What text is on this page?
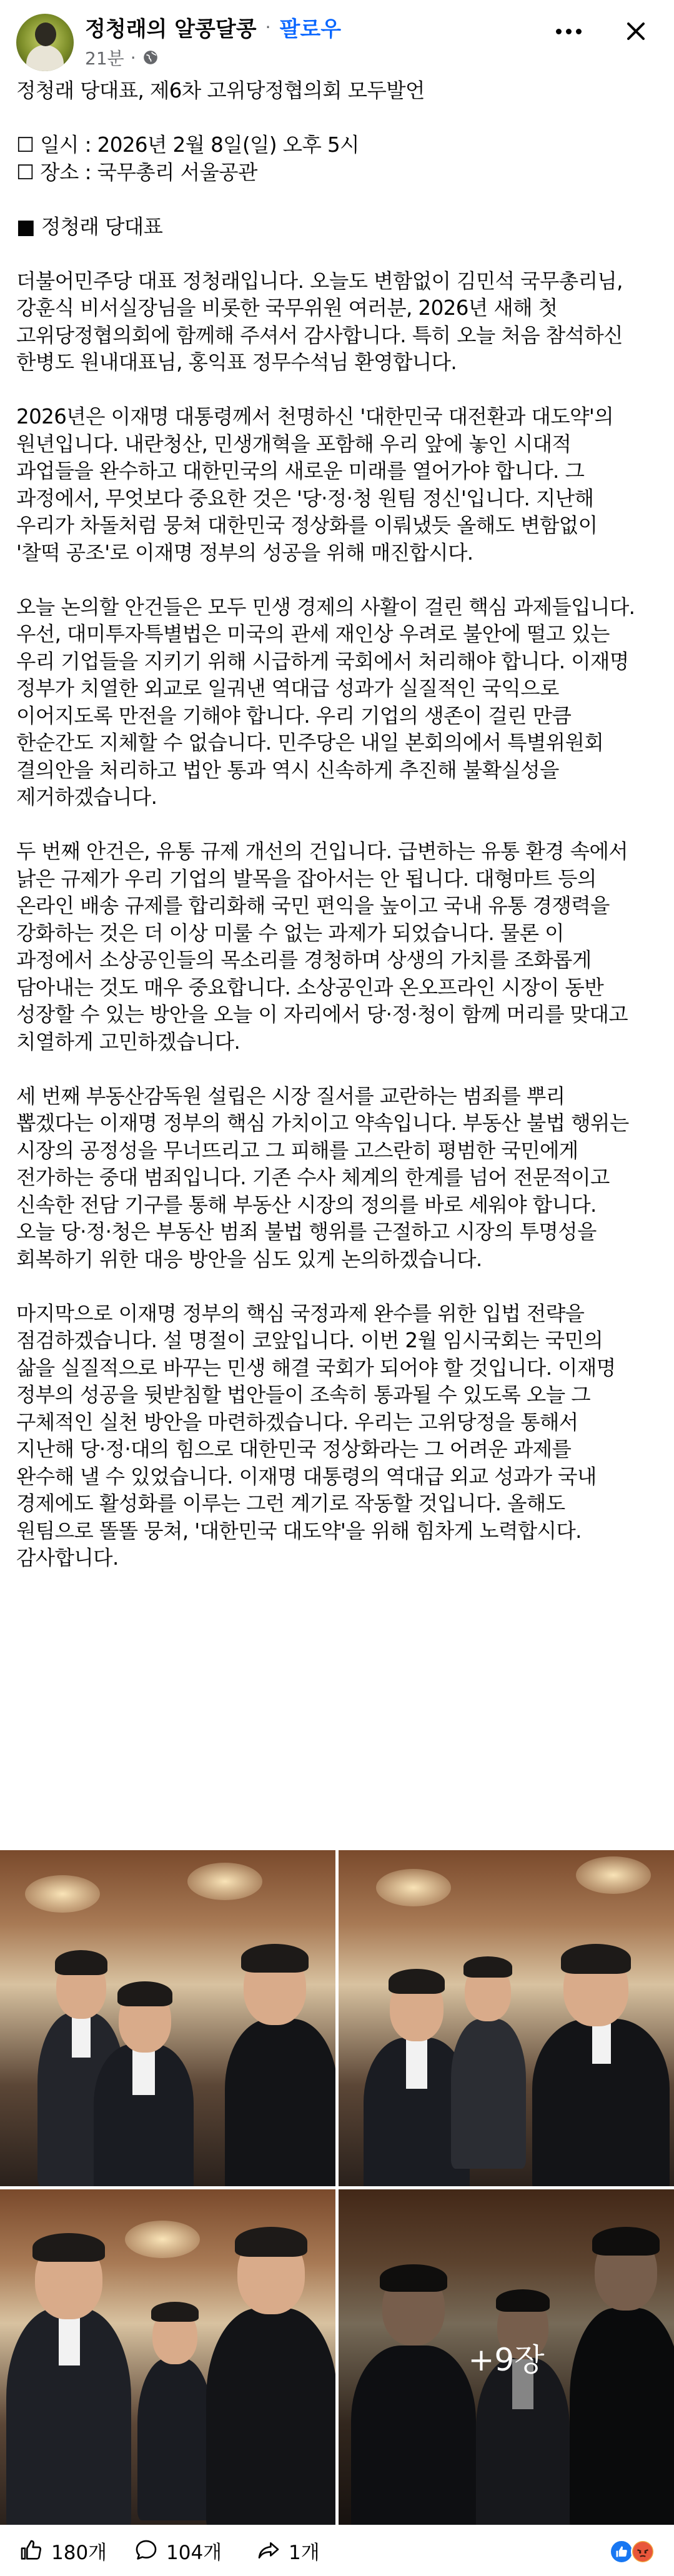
정청래의 알콩달콩 · 팔로우
21분 ·

정청래 당대표, 제6차 고위당정협의회 모두발언

☐ 일시 : 2026년 2월 8일(일) 오후 5시
☐ 장소 : 국무총리 서울공관

■ 정청래 당대표

더불어민주당 대표 정청래입니다. 오늘도 변함없이 김민석 국무총리님,
강훈식 비서실장님을 비롯한 국무위원 여러분, 2026년 새해 첫
고위당정협의회에 함께해 주셔서 감사합니다. 특히 오늘 처음 참석하신
한병도 원내대표님, 홍익표 정무수석님 환영합니다.

2026년은 이재명 대통령께서 천명하신 '대한민국 대전환과 대도약'의
원년입니다. 내란청산, 민생개혁을 포함해 우리 앞에 놓인 시대적
과업들을 완수하고 대한민국의 새로운 미래를 열어가야 합니다. 그
과정에서, 무엇보다 중요한 것은 '당·정·청 원팀 정신'입니다. 지난해
우리가 차돌처럼 뭉쳐 대한민국 정상화를 이뤄냈듯 올해도 변함없이
'찰떡 공조'로 이재명 정부의 성공을 위해 매진합시다.

오늘 논의할 안건들은 모두 민생 경제의 사활이 걸린 핵심 과제들입니다.
우선, 대미투자특별법은 미국의 관세 재인상 우려로 불안에 떨고 있는
우리 기업들을 지키기 위해 시급하게 국회에서 처리해야 합니다. 이재명
정부가 치열한 외교로 일궈낸 역대급 성과가 실질적인 국익으로
이어지도록 만전을 기해야 합니다. 우리 기업의 생존이 걸린 만큼
한순간도 지체할 수 없습니다. 민주당은 내일 본회의에서 특별위원회
결의안을 처리하고 법안 통과 역시 신속하게 추진해 불확실성을
제거하겠습니다.

두 번째 안건은, 유통 규제 개선의 건입니다. 급변하는 유통 환경 속에서
낡은 규제가 우리 기업의 발목을 잡아서는 안 됩니다. 대형마트 등의
온라인 배송 규제를 합리화해 국민 편익을 높이고 국내 유통 경쟁력을
강화하는 것은 더 이상 미룰 수 없는 과제가 되었습니다. 물론 이
과정에서 소상공인들의 목소리를 경청하며 상생의 가치를 조화롭게
담아내는 것도 매우 중요합니다. 소상공인과 온오프라인 시장이 동반
성장할 수 있는 방안을 오늘 이 자리에서 당·정·청이 함께 머리를 맞대고
치열하게 고민하겠습니다.

세 번째 부동산감독원 설립은 시장 질서를 교란하는 범죄를 뿌리
뽑겠다는 이재명 정부의 핵심 가치이고 약속입니다. 부동산 불법 행위는
시장의 공정성을 무너뜨리고 그 피해를 고스란히 평범한 국민에게
전가하는 중대 범죄입니다. 기존 수사 체계의 한계를 넘어 전문적이고
신속한 전담 기구를 통해 부동산 시장의 정의를 바로 세워야 합니다.
오늘 당·정·청은 부동산 범죄 불법 행위를 근절하고 시장의 투명성을
회복하기 위한 대응 방안을 심도 있게 논의하겠습니다.

마지막으로 이재명 정부의 핵심 국정과제 완수를 위한 입법 전략을
점검하겠습니다. 설 명절이 코앞입니다. 이번 2월 임시국회는 국민의
삶을 실질적으로 바꾸는 민생 해결 국회가 되어야 할 것입니다. 이재명
정부의 성공을 뒷받침할 법안들이 조속히 통과될 수 있도록 오늘 그
구체적인 실천 방안을 마련하겠습니다. 우리는 고위당정을 통해서
지난해 당·정·대의 힘으로 대한민국 정상화라는 그 어려운 과제를
완수해 낼 수 있었습니다. 이재명 대통령의 역대급 외교 성과가 국내
경제에도 활성화를 이루는 그런 계기로 작동할 것입니다. 올해도
원팀으로 똘똘 뭉쳐, '대한민국 대도약'을 위해 힘차게 노력합시다.
감사합니다.

+9장
180개	104개	1개
